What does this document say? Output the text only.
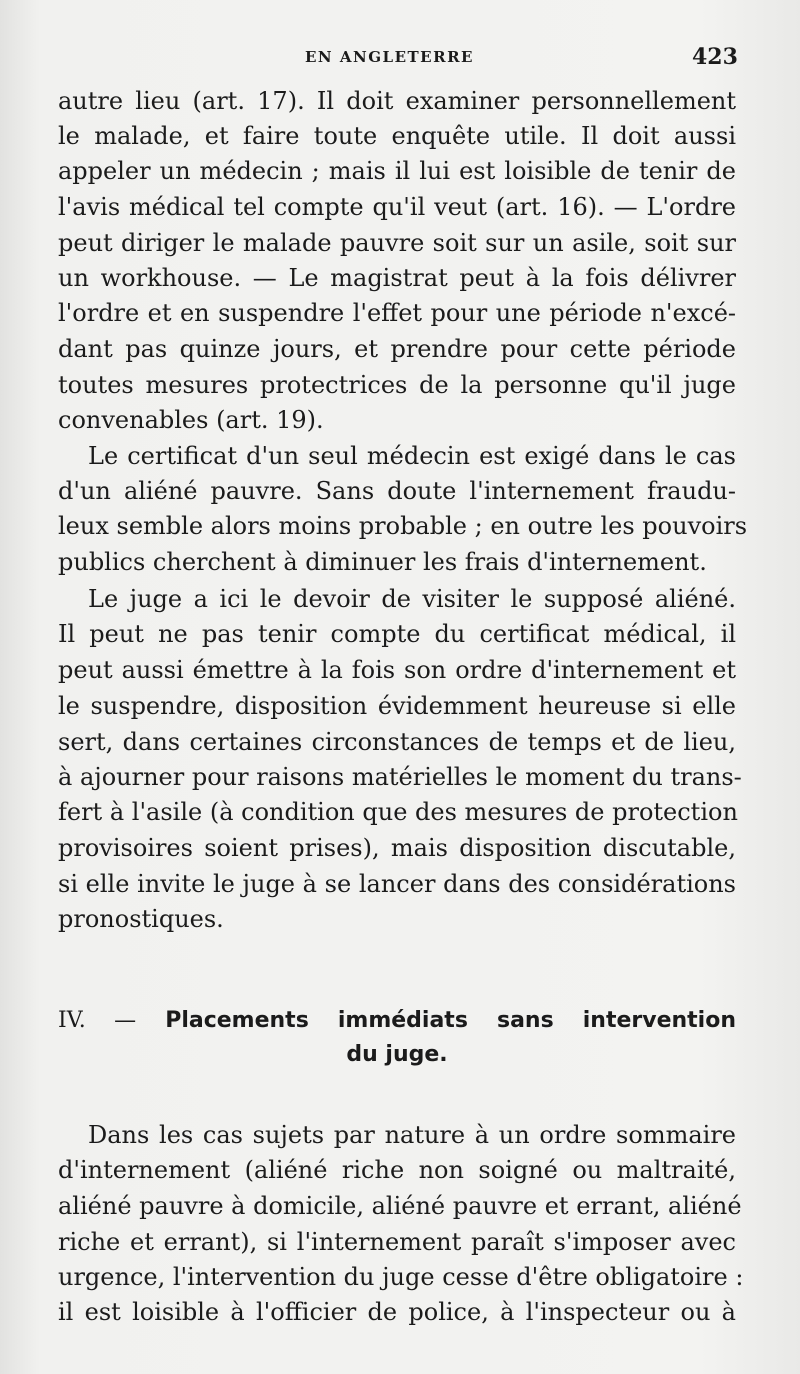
EN ANGLETERRE	423
autre lieu (art. 17). Il doit examiner personnellement
le malade, et faire toute enquête utile. Il doit aussi
appeler un médecin ; mais il lui est loisible de tenir de
l'avis médical tel compte qu'il veut (art. 16). — L'ordre
peut diriger le malade pauvre soit sur un asile, soit sur
un workhouse. — Le magistrat peut à la fois délivrer
l'ordre et en suspendre l'effet pour une période n'excé-
dant pas quinze jours, et prendre pour cette période
toutes mesures protectrices de la personne qu'il juge
convenables (art. 19).
Le certificat d'un seul médecin est exigé dans le cas
d'un aliéné pauvre. Sans doute l'internement fraudu-
leux semble alors moins probable ; en outre les pouvoirs
publics cherchent à diminuer les frais d'internement.
Le juge a ici le devoir de visiter le supposé aliéné.
Il peut ne pas tenir compte du certificat médical, il
peut aussi émettre à la fois son ordre d'internement et
le suspendre, disposition évidemment heureuse si elle
sert, dans certaines circonstances de temps et de lieu,
à ajourner pour raisons matérielles le moment du trans-
fert à l'asile (à condition que des mesures de protection
provisoires soient prises), mais disposition discutable,
si elle invite le juge à se lancer dans des considérations
pronostiques.
IV. — Placements immédiats sans intervention
du juge.
Dans les cas sujets par nature à un ordre sommaire
d'internement (aliéné riche non soigné ou maltraité,
aliéné pauvre à domicile, aliéné pauvre et errant, aliéné
riche et errant), si l'internement paraît s'imposer avec
urgence, l'intervention du juge cesse d'être obligatoire :
il est loisible à l'officier de police, à l'inspecteur ou à
